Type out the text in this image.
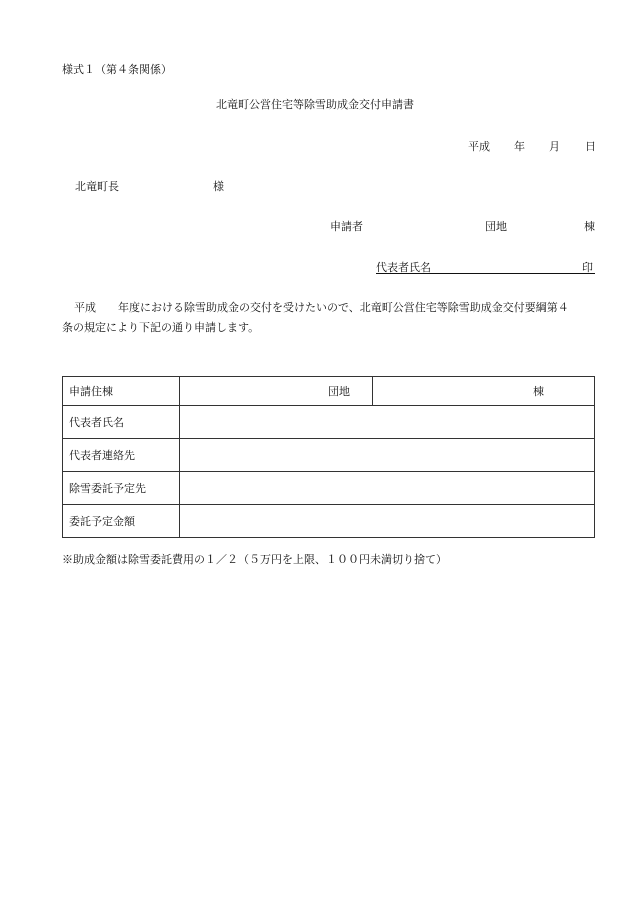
様式１（第４条関係）
北竜町公営住宅等除雪助成金交付申請書
平成 年 月 日
北竜町長	様
申請者	団地	棟
代表者氏名	印
平成　　年度における除雪助成金の交付を受けたいので、北竜町公営住宅等除雪助成金交付要綱第４
条の規定により下記の通り申請します。
申請住棟	団地	棟
代表者氏名		
代表者連絡先		
除雪委託予定先		
委託予定金額		
※助成金額は除雪委託費用の１／２（５万円を上限、１００円未満切り捨て）
